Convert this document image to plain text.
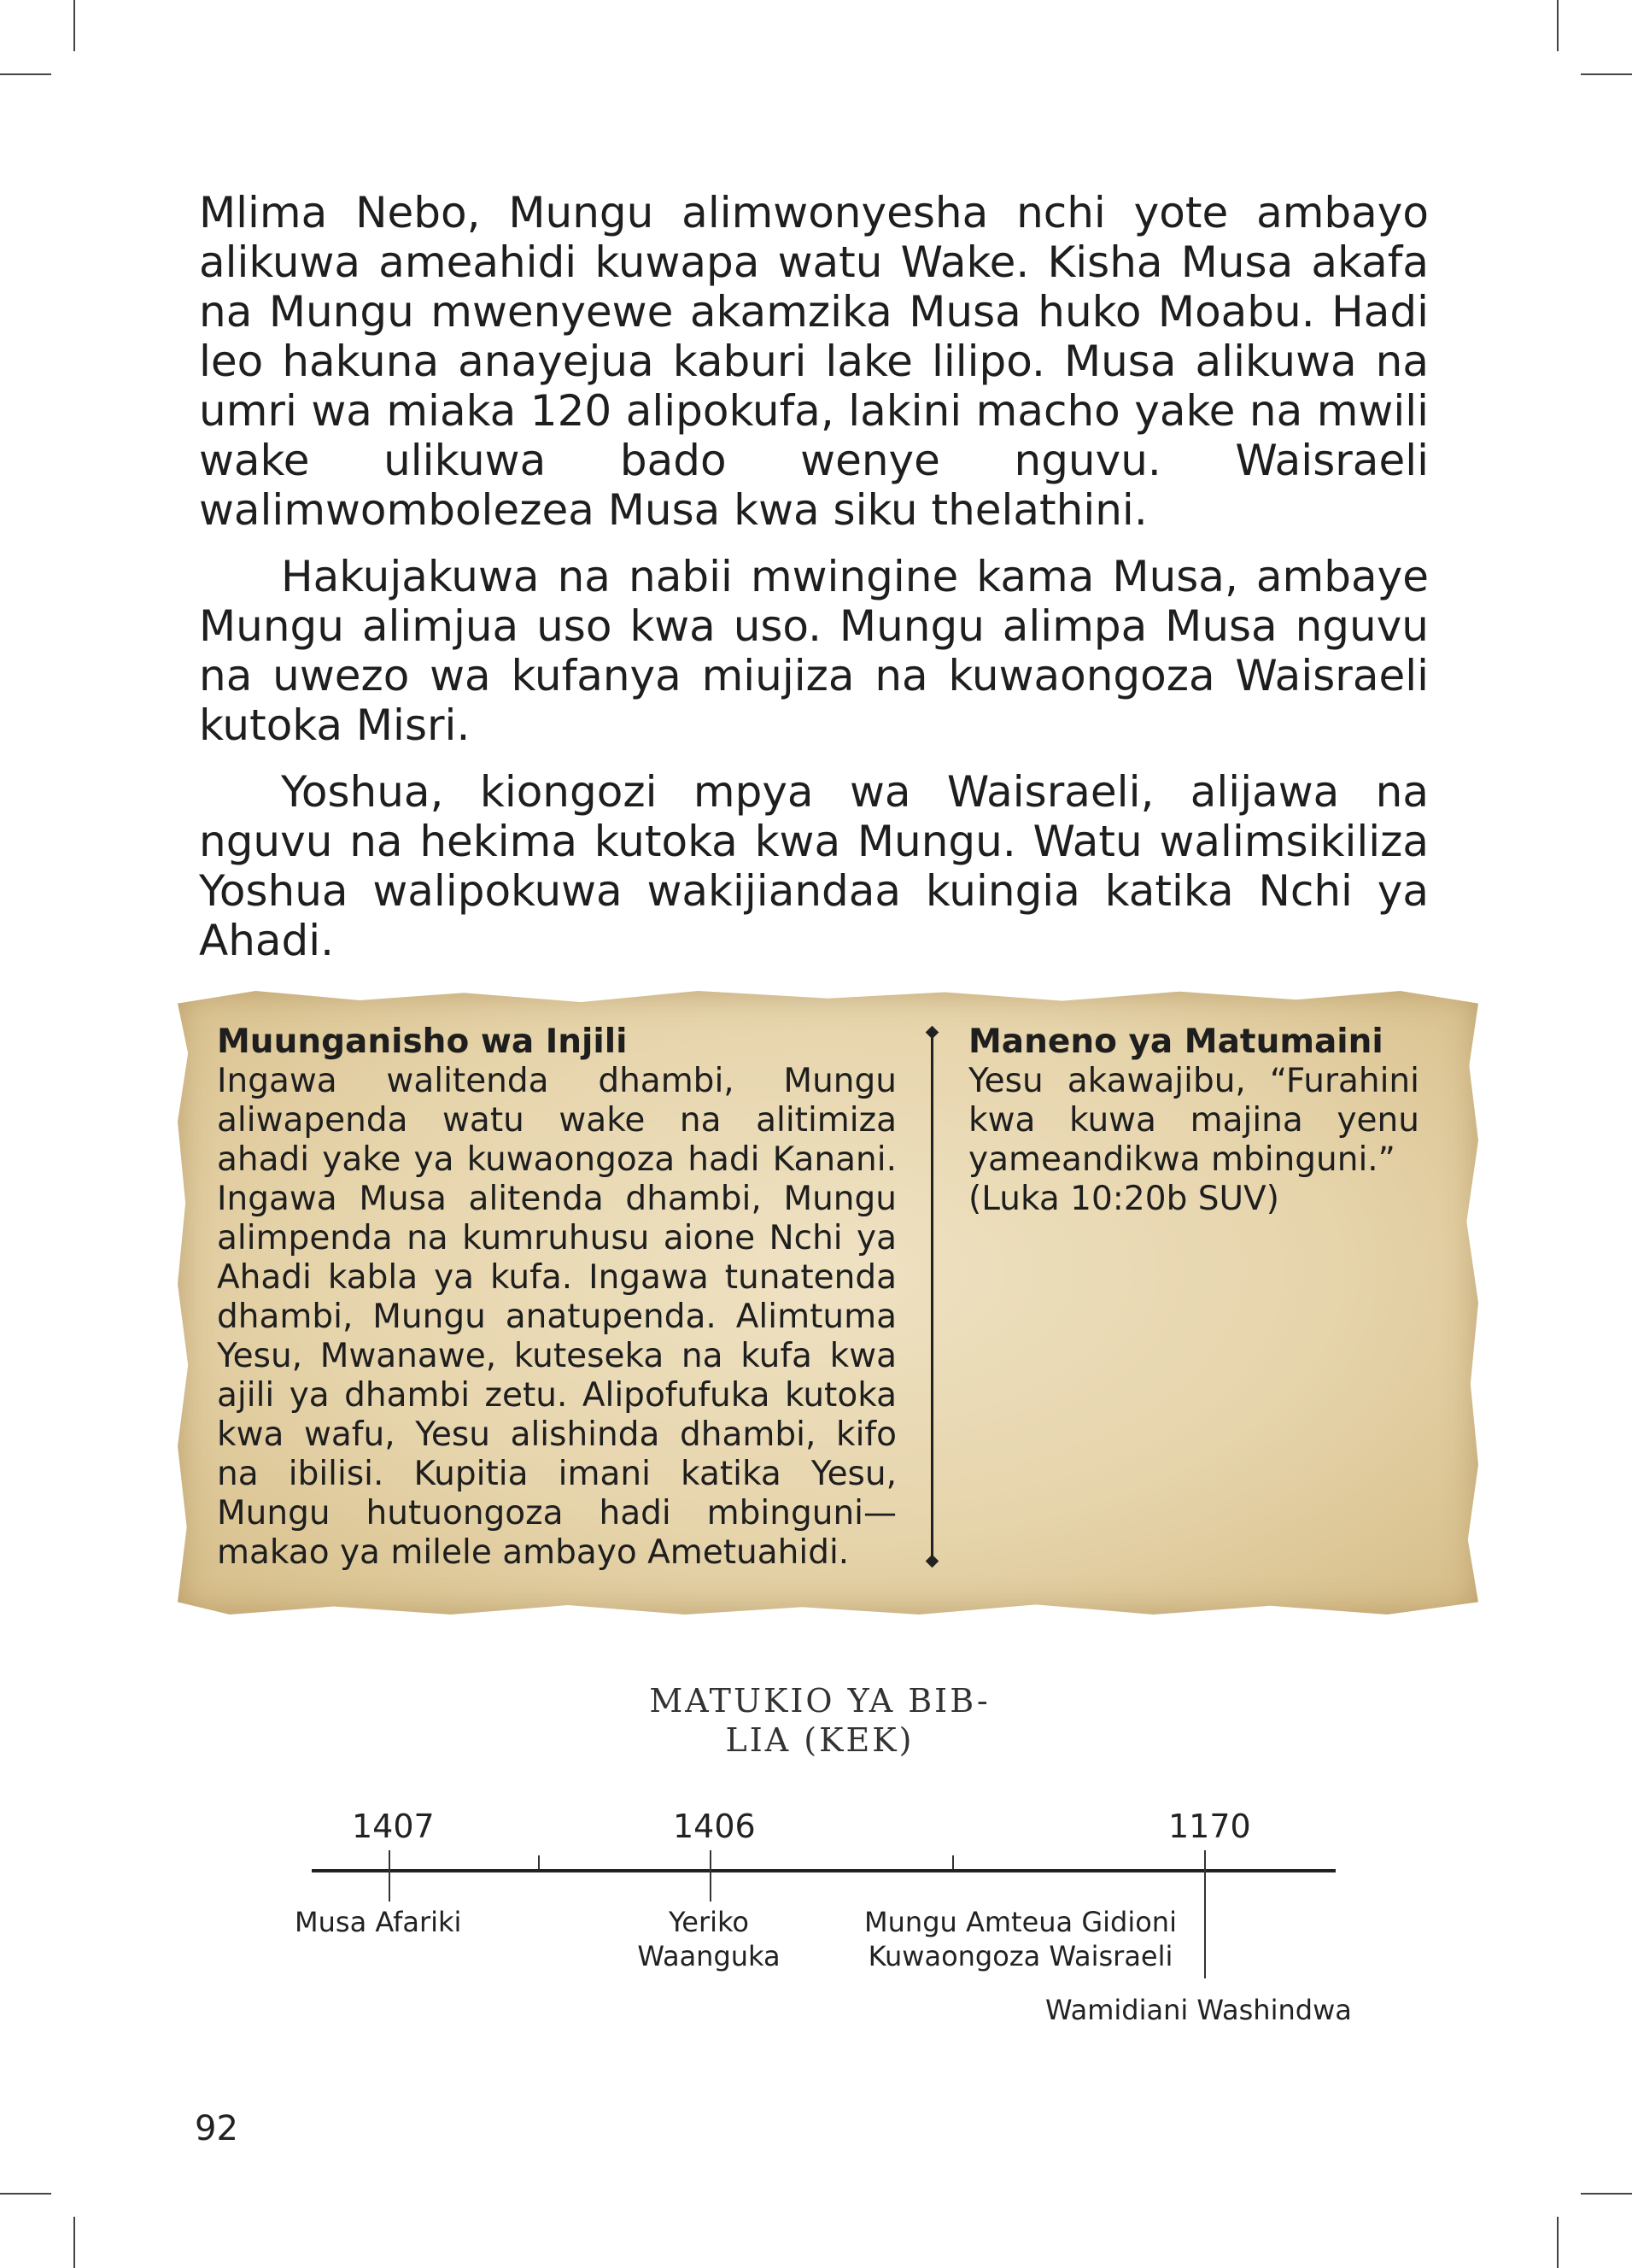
Mlima Nebo, Mungu alimwonyesha nchi yote ambayo alikuwa ameahidi kuwapa watu Wake. Kisha Musa akafa na Mungu mwenyewe akamzika Musa huko Moabu. Hadi leo hakuna anayejua kaburi lake lilipo. Musa alikuwa na umri wa miaka 120 alipokufa, lakini macho yake na mwili wake ulikuwa bado wenye nguvu. Waisraeli walimwombolezea Musa kwa siku thelathini.

Hakujakuwa na nabii mwingine kama Musa, ambaye Mungu alimjua uso kwa uso. Mungu alimpa Musa nguvu na uwezo wa kufanya miujiza na kuwaongoza Waisraeli kutoka Misri.

Yoshua, kiongozi mpya wa Waisraeli, alijawa na nguvu na hekima kutoka kwa Mungu. Watu walimsikiliza Yoshua walipokuwa wakijiandaa kuingia katika Nchi ya Ahadi.

Muunganisho wa Injili

Ingawa walitenda dhambi, Mungu aliwapenda watu wake na alitimiza ahadi yake ya kuwaongoza hadi Kanani. Ingawa Musa alitenda dhambi, Mungu alimpenda na kumruhusu aione Nchi ya Ahadi kabla ya kufa. Ingawa tunatenda dhambi, Mungu anatupenda. Alimtuma Yesu, Mwanawe, kuteseka na kufa kwa ajili ya dhambi zetu. Alipofufuka kutoka kwa wafu, Yesu alishinda dhambi, kifo na ibilisi. Kupitia imani katika Yesu, Mungu hutuongoza hadi mbinguni—makao ya milele ambayo Ametuahidi.

Maneno ya Matumaini

Yesu akawajibu, “Furahini kwa kuwa majina yenu yameandikwa mbinguni.”

(Luka 10:20b SUV)

MATUKIO YA BIB-
LIA (KEK)
1407	1406	1170
Musa Afariki	Yeriko
Waanguka
Mungu Amteua Gidioni
Kuwaongoza Waisraeli
Wamidiani Washindwa
92
